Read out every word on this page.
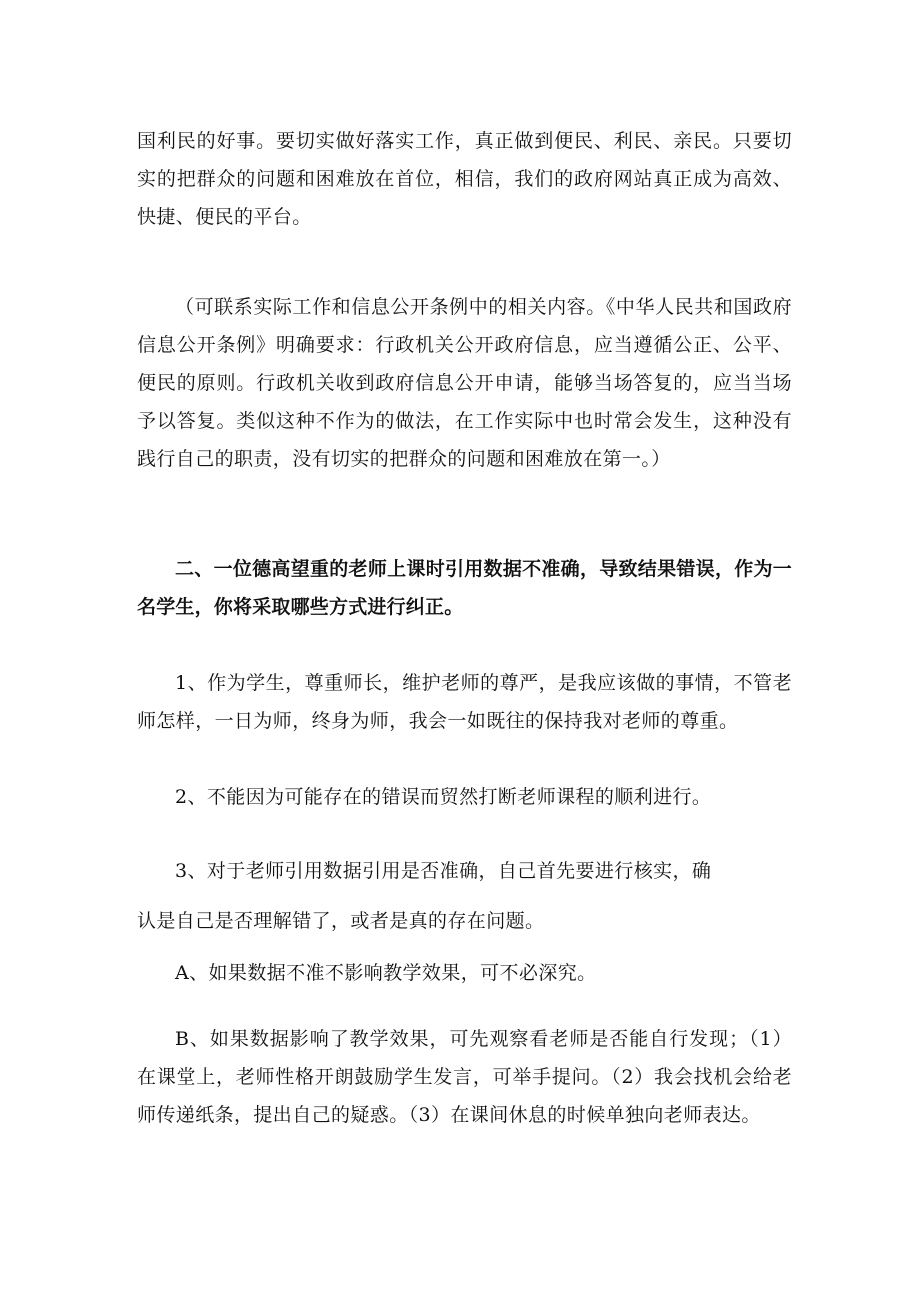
国利民的好事。要切实做好落实工作，真正做到便民、利民、亲民。只要切实的把群众的问题和困难放在首位，相信，我们的政府网站真正成为高效、快捷、便民的平台。

（可联系实际工作和信息公开条例中的相关内容。《中华人民共和国政府信息公开条例》明确要求：行政机关公开政府信息，应当遵循公正、公平、便民的原则。行政机关收到政府信息公开申请，能够当场答复的，应当当场予以答复。类似这种不作为的做法，在工作实际中也时常会发生，这种没有践行自己的职责，没有切实的把群众的问题和困难放在第一。）

二、一位德高望重的老师上课时引用数据不准确，导致结果错误，作为一名学生，你将采取哪些方式进行纠正。

1、作为学生，尊重师长，维护老师的尊严，是我应该做的事情，不管老师怎样，一日为师，终身为师，我会一如既往的保持我对老师的尊重。

2、不能因为可能存在的错误而贸然打断老师课程的顺利进行。

3、对于老师引用数据引用是否准确，自己首先要进行核实，确
认是自己是否理解错了，或者是真的存在问题。

A、如果数据不准不影响教学效果，可不必深究。

B、如果数据影响了教学效果，可先观察看老师是否能自行发现；（1）在课堂上，老师性格开朗鼓励学生发言，可举手提问。（2）我会找机会给老师传递纸条，提出自己的疑惑。（3）在课间休息的时候单独向老师表达。
